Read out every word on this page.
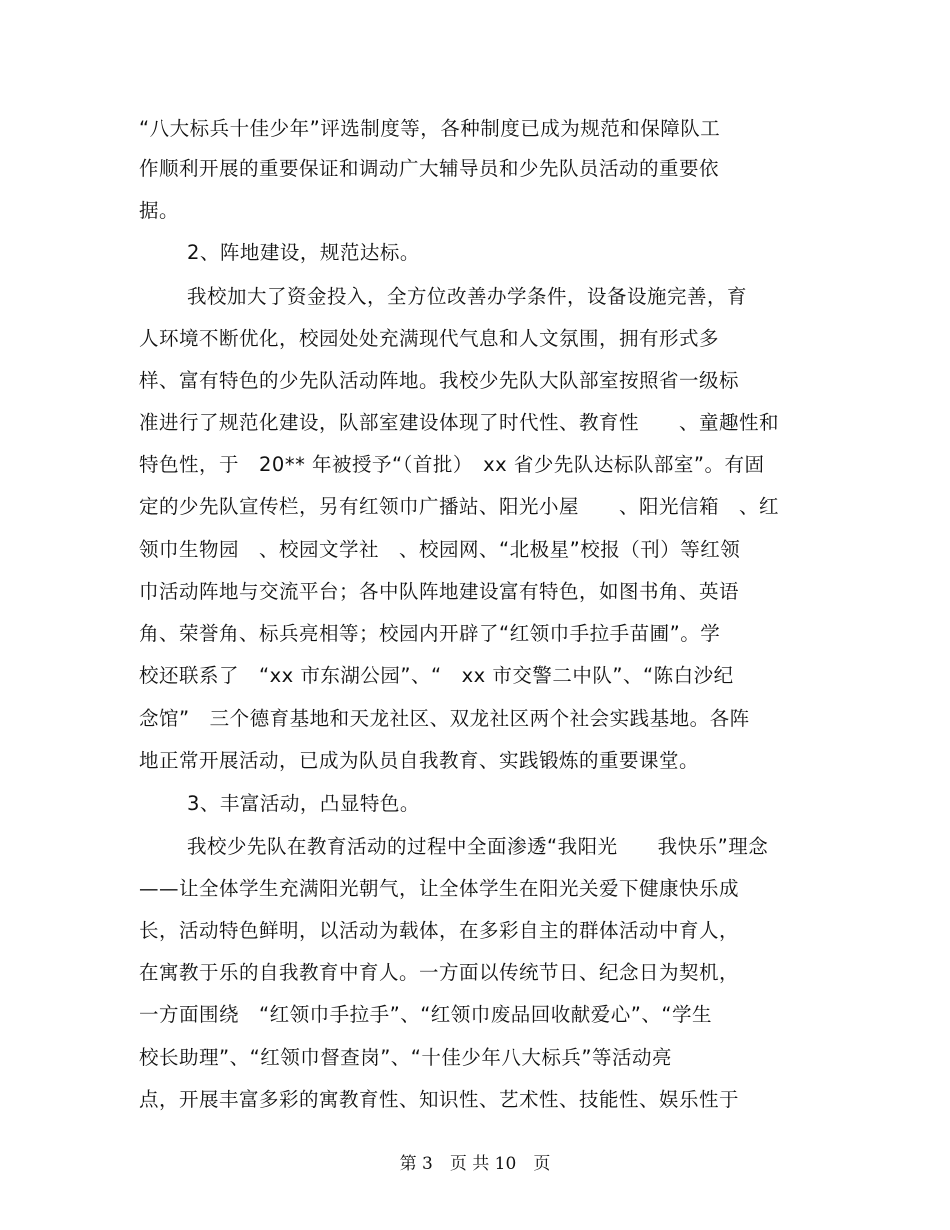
“八大标兵十佳少年”评选制度等，各种制度已成为规范和保障队工
作顺利开展的重要保证和调动广大辅导员和少先队员活动的重要依
据。
2、阵地建设，规范达标。
我校加大了资金投入，全方位改善办学条件，设备设施完善，育
人环境不断优化，校园处处充满现代气息和人文氛围，拥有形式多
样、富有特色的少先队活动阵地。我校少先队大队部室按照省一级标
准进行了规范化建设，队部室建设体现了时代性、教育性　　、童趣性和
特色性，于　20** 年被授予“（首批）　xx 省少先队达标队部室”。有固
定的少先队宣传栏，另有红领巾广播站、阳光小屋　　、阳光信箱　、红
领巾生物园　、校园文学社　、校园网、“北极星”校报（刊）等红领
巾活动阵地与交流平台；各中队阵地建设富有特色，如图书角、英语
角、荣誉角、标兵亮相等；校园内开辟了“红领巾手拉手苗圃”。学
校还联系了　“xx 市东湖公园”、“　xx 市交警二中队”、“陈白沙纪
念馆”　三个德育基地和天龙社区、双龙社区两个社会实践基地。各阵
地正常开展活动，已成为队员自我教育、实践锻炼的重要课堂。
3、丰富活动，凸显特色。
我校少先队在教育活动的过程中全面渗透“我阳光　　我快乐”理念
——让全体学生充满阳光朝气，让全体学生在阳光关爱下健康快乐成
长，活动特色鲜明，以活动为载体，在多彩自主的群体活动中育人，
在寓教于乐的自我教育中育人。一方面以传统节日、纪念日为契机，
一方面围绕　“红领巾手拉手”、“红领巾废品回收献爱心”、“学生
校长助理”、“红领巾督查岗”、“十佳少年八大标兵”等活动亮
点，开展丰富多彩的寓教育性、知识性、艺术性、技能性、娱乐性于
第 3　页 共 10　页
